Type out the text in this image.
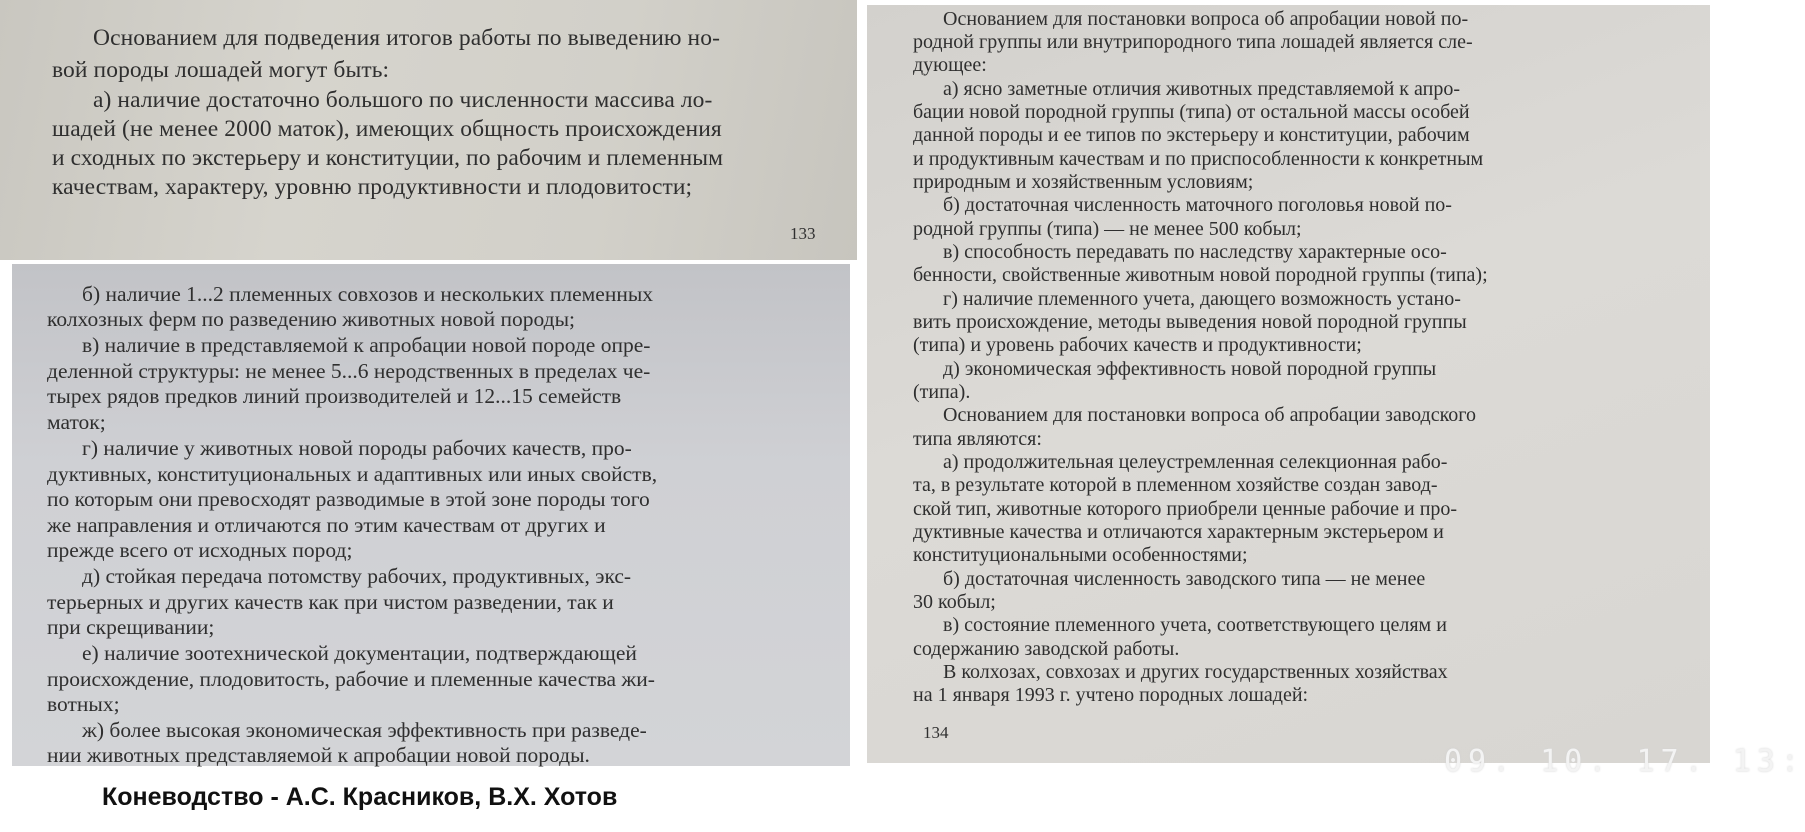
Основанием для подведения итогов работы по выведению но-
вой породы лошадей могут быть:
а) наличие достаточно большого по численности массива ло-
шадей (не менее 2000 маток), имеющих общность происхождения
и сходных по экстерьеру и конституции, по рабочим и племенным
качествам, характеру, уровню продуктивности и плодовитости;
133
б) наличие 1...2 племенных совхозов и нескольких племенных
колхозных ферм по разведению животных новой породы;
в) наличие в представляемой к апробации новой породе опре-
деленной структуры: не менее 5...6 неродственных в пределах че-
тырех рядов предков линий производителей и 12...15 семейств
маток;
г) наличие у животных новой породы рабочих качеств, про-
дуктивных, конституциональных и адаптивных или иных свойств,
по которым они превосходят разводимые в этой зоне породы того
же направления и отличаются по этим качествам от других и
прежде всего от исходных пород;
д) стойкая передача потомству рабочих, продуктивных, экс-
терьерных и других качеств как при чистом разведении, так и
при скрещивании;
е) наличие зоотехнической документации, подтверждающей
происхождение, плодовитость, рабочие и племенные качества жи-
вотных;
ж) более высокая экономическая эффективность при разведе-
нии животных представляемой к апробации новой породы.
Основанием для постановки вопроса об апробации новой по-
родной группы или внутрипородного типа лошадей является сле-
дующее:
а) ясно заметные отличия животных представляемой к апро-
бации новой породной группы (типа) от остальной массы особей
данной породы и ее типов по экстерьеру и конституции, рабочим
и продуктивным качествам и по приспособленности к конкретным
природным и хозяйственным условиям;
б) достаточная численность маточного поголовья новой по-
родной группы (типа) — не менее 500 кобыл;
в) способность передавать по наследству характерные осо-
бенности, свойственные животным новой породной группы (типа);
г) наличие племенного учета, дающего возможность устано-
вить происхождение, методы выведения новой породной группы
(типа) и уровень рабочих качеств и продуктивности;
д) экономическая эффективность новой породной группы
(типа).
Основанием для постановки вопроса об апробации заводского
типа являются:
а) продолжительная целеустремленная селекционная рабо-
та, в результате которой в племенном хозяйстве создан завод-
ской тип, животные которого приобрели ценные рабочие и про-
дуктивные качества и отличаются характерным экстерьером и
конституциональными особенностями;
б) достаточная численность заводского типа — не менее
30 кобыл;
в) состояние племенного учета, соответствующего целям и
содержанию заводской работы.
В колхозах, совхозах и других государственных хозяйствах
на 1 января 1993 г. учтено породных лошадей:
134
09. 10. 17. 13:
Коневодство - А.С. Красников, В.Х. Хотов
